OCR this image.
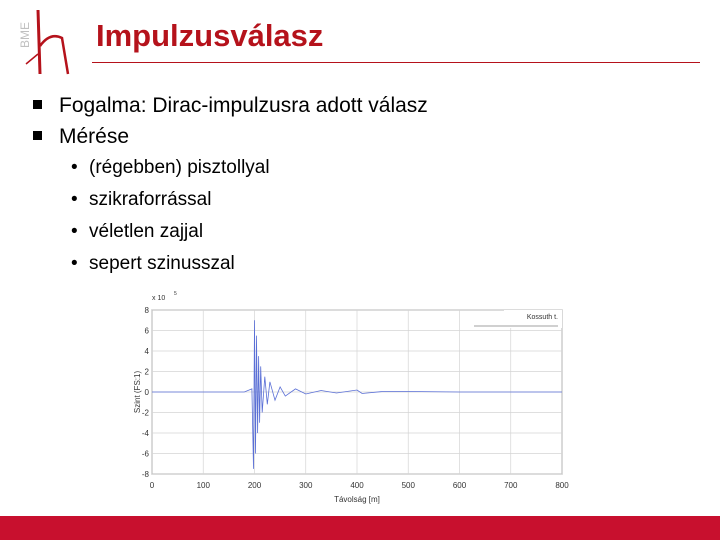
BME Impulzusválasz
Fogalma: Dirac-impulzusra adott válasz
Mérése
• (régebben) pisztollyal
• szikraforrással
• véletlen zajjal
• sepert szinusszal
0	100	200	300	400	500	600	700	800
8
6
4
2
0
-2
-4
-6
-8
x 10
5
Távolság [m]
Szint (FS:1)
Kossuth t.
